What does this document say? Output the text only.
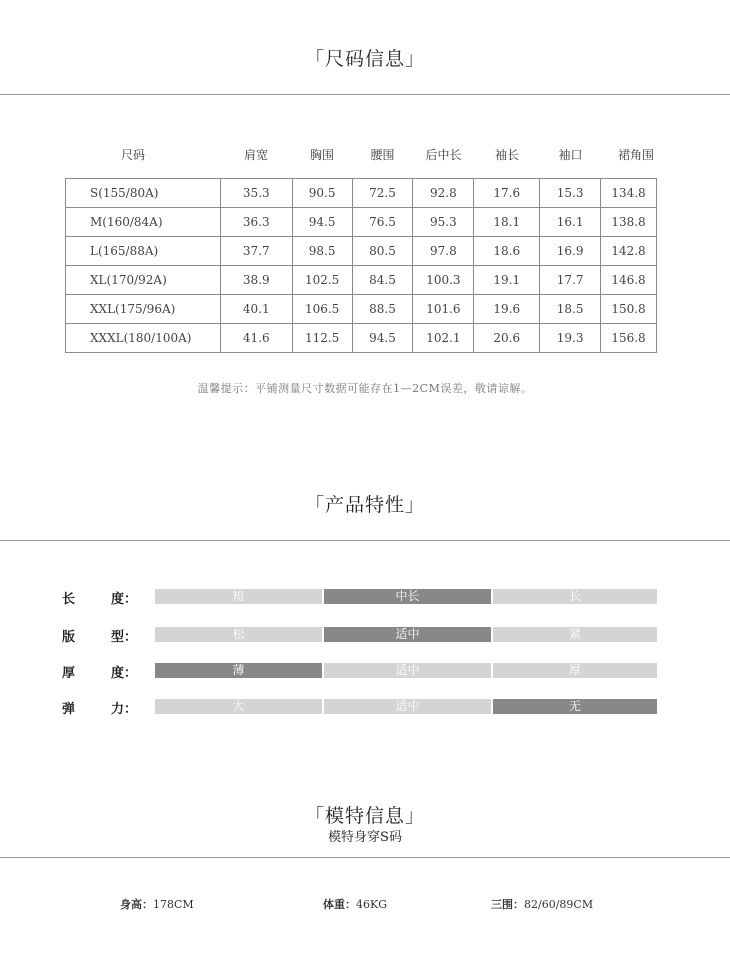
「尺码信息」
尺码	肩宽	胸围	腰围	后中长	袖长	袖口	裙角围
S(155/80A)	35.3	90.5	72.5	92.8	17.6	15.3	134.8
M(160/84A)	36.3	94.5	76.5	95.3	18.1	16.1	138.8
L(165/88A)	37.7	98.5	80.5	97.8	18.6	16.9	142.8
XL(170/92A)	38.9	102.5	84.5	100.3	19.1	17.7	146.8
XXL(175/96A)	40.1	106.5	88.5	101.6	19.6	18.5	150.8
XXXL(180/100A)	41.6	112.5	94.5	102.1	20.6	19.3	156.8
温馨提示：平铺测量尺寸数据可能存在1—2CM误差，敬请谅解。
「产品特性」
长	度：	短	中长	长
版	型：	松	适中	紧
厚	度：	薄	适中	厚
弹	力：	大	适中	无
「模特信息」
模特身穿S码
身高：178CM	体重：46KG	三围：82/60/89CM
